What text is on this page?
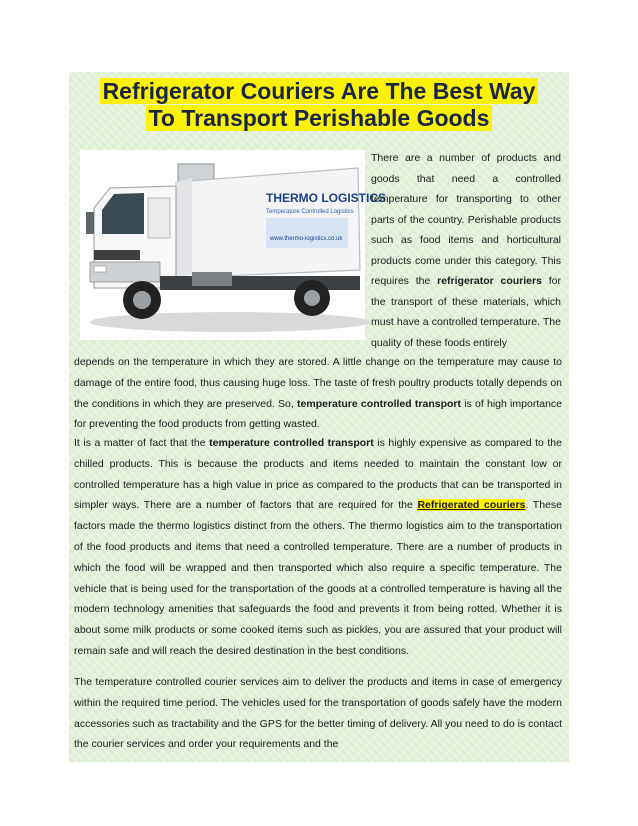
Refrigerator Couriers Are The Best Way
To Transport Perishable Goods
THERMO LOGISTICS
Temperature Controlled Logistics
www.thermo-logistics.co.uk

There are a number of products and goods that need a controlled temperature for transporting to other parts of the country. Perishable products such as food items and horticultural products come under this category. This requires the refrigerator couriers for the transport of these materials, which must have a controlled temperature. The quality of these foods entirely

depends on the temperature in which they are stored. A little change on the temperature may cause to damage of the entire food, thus causing huge loss. The taste of fresh poultry products totally depends on the conditions in which they are preserved. So, temperature controlled transport is of high importance for preventing the food products from getting wasted.

It is a matter of fact that the temperature controlled transport is highly expensive as compared to the chilled products. This is because the products and items needed to maintain the constant low or controlled temperature has a high value in price as compared to the products that can be transported in simpler ways. There are a number of factors that are required for the Refrigerated couriers. These factors made the thermo logistics distinct from the others. The thermo logistics aim to the transportation of the food products and items that need a controlled temperature. There are a number of products in which the food will be wrapped and then transported which also require a specific temperature. The vehicle that is being used for the transportation of the goods at a controlled temperature is having all the modern technology amenities that safeguards the food and prevents it from being rotted. Whether it is about some milk products or some cooked items such as pickles, you are assured that your product will remain safe and will reach the desired destination in the best conditions.

The temperature controlled courier services aim to deliver the products and items in case of emergency within the required time period. The vehicles used for the transportation of goods safely have the modern accessories such as tractability and the GPS for the better timing of delivery. All you need to do is contact the courier services and order your requirements and the
